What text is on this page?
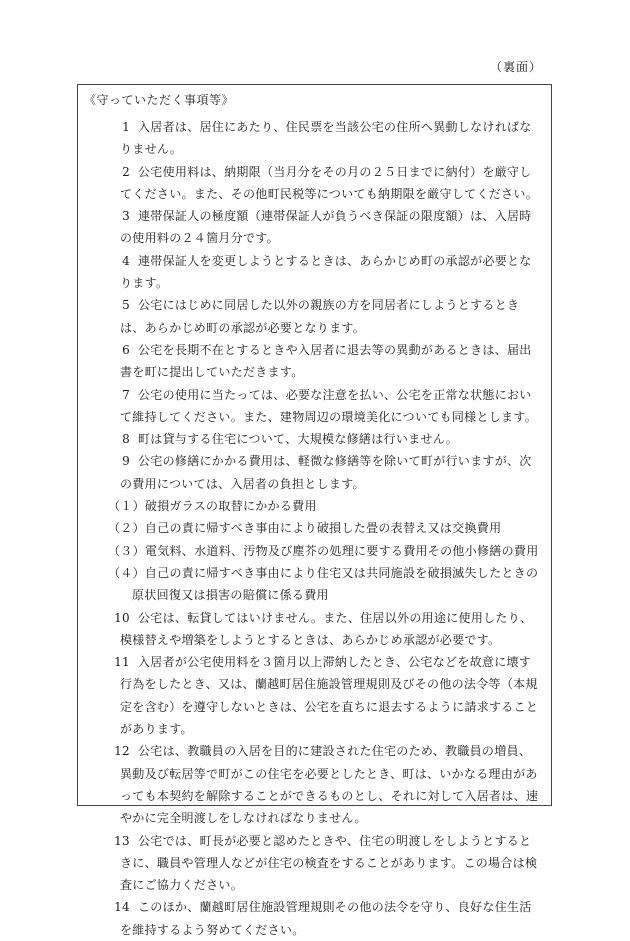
（裏面）
《守っていただく事項等》
1 入居者は、居住にあたり、住民票を当該公宅の住所へ異動しなければなりません。
2 公宅使用料は、納期限（当月分をその月の２５日までに納付）を厳守してください。また、その他町民税等についても納期限を厳守してください。
3 連帯保証人の極度額（連帯保証人が負うべき保証の限度額）は、入居時の使用料の２４箇月分です。
4 連帯保証人を変更しようとするときは、あらかじめ町の承認が必要となります。
5 公宅にはじめに同居した以外の親族の方を同居者にしようとするときは、あらかじめ町の承認が必要となります。
6 公宅を長期不在とするときや入居者に退去等の異動があるときは、届出書を町に提出していただきます。
7 公宅の使用に当たっては、必要な注意を払い、公宅を正常な状態において維持してください。また、建物周辺の環境美化についても同様とします。
8 町は貸与する住宅について、大規模な修繕は行いません。
9 公宅の修繕にかかる費用は、軽微な修繕等を除いて町が行いますが、次の費用については、入居者の負担とします。
（１）破損ガラスの取替にかかる費用
（２）自己の責に帰すべき事由により破損した畳の表替え又は交換費用
（３）電気料、水道料、汚物及び塵芥の処理に要する費用その他小修繕の費用
（４）自己の責に帰すべき事由により住宅又は共同施設を破損滅失したときの原状回復又は損害の賠償に係る費用
10 公宅は、転貸してはいけません。また、住居以外の用途に使用したり、模様替えや増築をしようとするときは、あらかじめ承認が必要です。
11 入居者が公宅使用料を３箇月以上滞納したとき、公宅などを故意に壊す行為をしたとき、又は、蘭越町居住施設管理規則及びその他の法令等（本規定を含む）を遵守しないときは、公宅を直ちに退去するように請求することがあります。
12 公宅は、教職員の入居を目的に建設された住宅のため、教職員の増員、異動及び転居等で町がこの住宅を必要としたとき、町は、いかなる理由があっても本契約を解除することができるものとし、それに対して入居者は、速やかに完全明渡しをしなければなりません。
13 公宅では、町長が必要と認めたときや、住宅の明渡しをしようとするときに、職員や管理人などが住宅の検査をすることがあります。この場合は検査にご協力ください。
14 このほか、蘭越町居住施設管理規則その他の法令を守り、良好な住生活を維持するよう努めてください。
